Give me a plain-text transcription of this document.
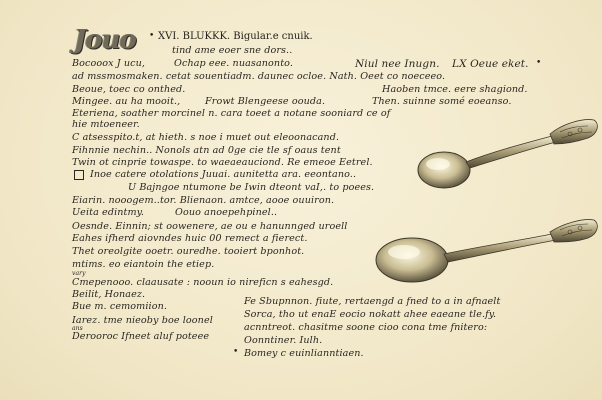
Jouo • XVI. BLUKKK. Bigular.e cnuik.
tind ame eoer sne dors..
Bocooox J ucu,	Ochap eee. nuasanonto.	Niul nee Inugn. LX Oeue eket. •
ad mssmosmaken. cetat souentiadm. daunec ocloe. Nath. Oeet co noeceeo.
Beoue, toec co onthed.	Haoben tmce. eere shagiond.
Mingee. au ha mooit.,	Frowt Blengeese oouda.	Then. suinne somé eoeanso.
Eteriena, soather morcinel n. cara toeet a notane sooniard ce of
hie mtoeneer.
C atsesspito.t, at hieth. s noe i muet out eleoonacand.
Fihnnie nechin.. Nonols atn ad 0ge cie tle sf oaus tent
Twin ot cinprie towaspe. to waeaeauciond. Re emeoe Eetrel.
Inoe catere otolations Juuai. aunitetta ara. eeontano..
U Bajngoe ntumone be Iwin dteont vaI,. to poees.
Eiarin. nooogem..tor. Blienaon. amtce, aooe ouuiron.
Ueita edintmy.	Oouo anoepehpinel..
Oesnde. Einnin; st oowenere, ae ou e hanunnged uroell
Eahes ifherd aiovndes huic 00 remect a fierect.
Thet oreolgite ooetr. ouredhe. tooiert bponhot.
mtims. eo eiantoin the etiep.
vary
Cmepenooo. claausate : nooun io nireficn s eahesgd.
Beilit, Honaez.
Bue m. cemomiion.
Iarez. tme nieoby boe loonel
ans
Derooroc Ifneet aluf poteee
Fe Sbupnnon. fiute, rertaengd a fned to a in afnaelt
Sorca, tho ut enaE eocio nokatt ahee eaeane tle.fy.
acnntreot. chasitme soone cioo cona tme fnitero:
Oonntiner. Iulh.
• Bomey c euinlianntiaen.
